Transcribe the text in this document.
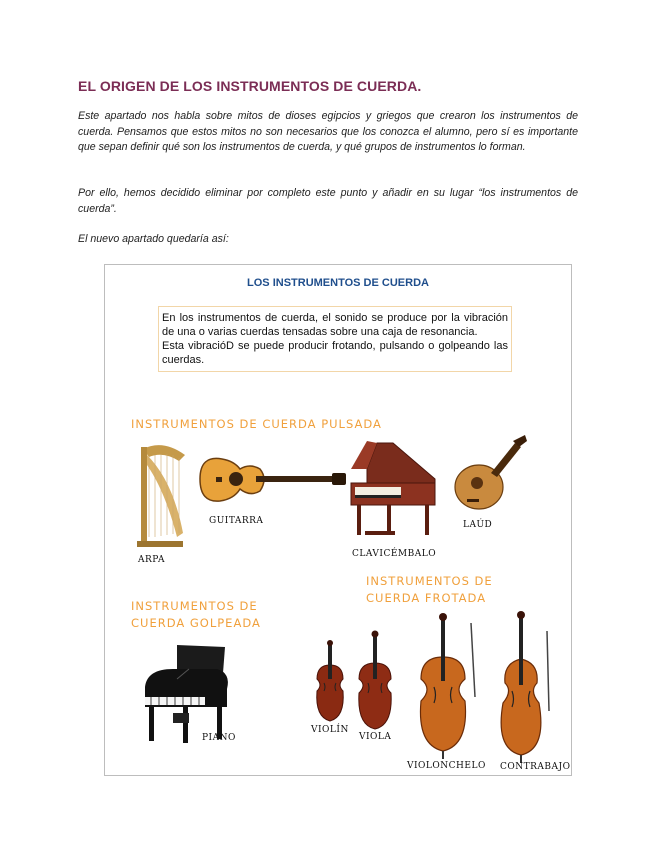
EL ORIGEN DE LOS INSTRUMENTOS DE CUERDA.
Este apartado nos habla sobre mitos de dioses egipcios y griegos que crearon los instrumentos de cuerda. Pensamos que estos mitos no son necesarios que los conozca el alumno, pero sí es importante que sepan definir qué son los instrumentos de cuerda, y qué grupos de instrumentos lo forman.
Por ello, hemos decidido eliminar por completo este punto y añadir en su lugar “los instrumentos de cuerda”.
El nuevo apartado quedaría así:
LOS INSTRUMENTOS DE CUERDA

En los instrumentos de cuerda, el sonido se produce por la vibración de una o varias cuerdas tensadas sobre una caja de resonancia.

Esta vibracióD se puede producir frotando, pulsando o golpeando las cuerdas.

INSTRUMENTOS DE CUERDA PULSADA
INSTRUMENTOS DE
CUERDA GOLPEADA
INSTRUMENTOS DE
CUERDA FROTADA
ARPA
GUITARRA
CLAVICÉMBALO
LAÚD
PIANO
VIOLÍN
VIOLA
VIOLONCHELO CONTRABAJO
